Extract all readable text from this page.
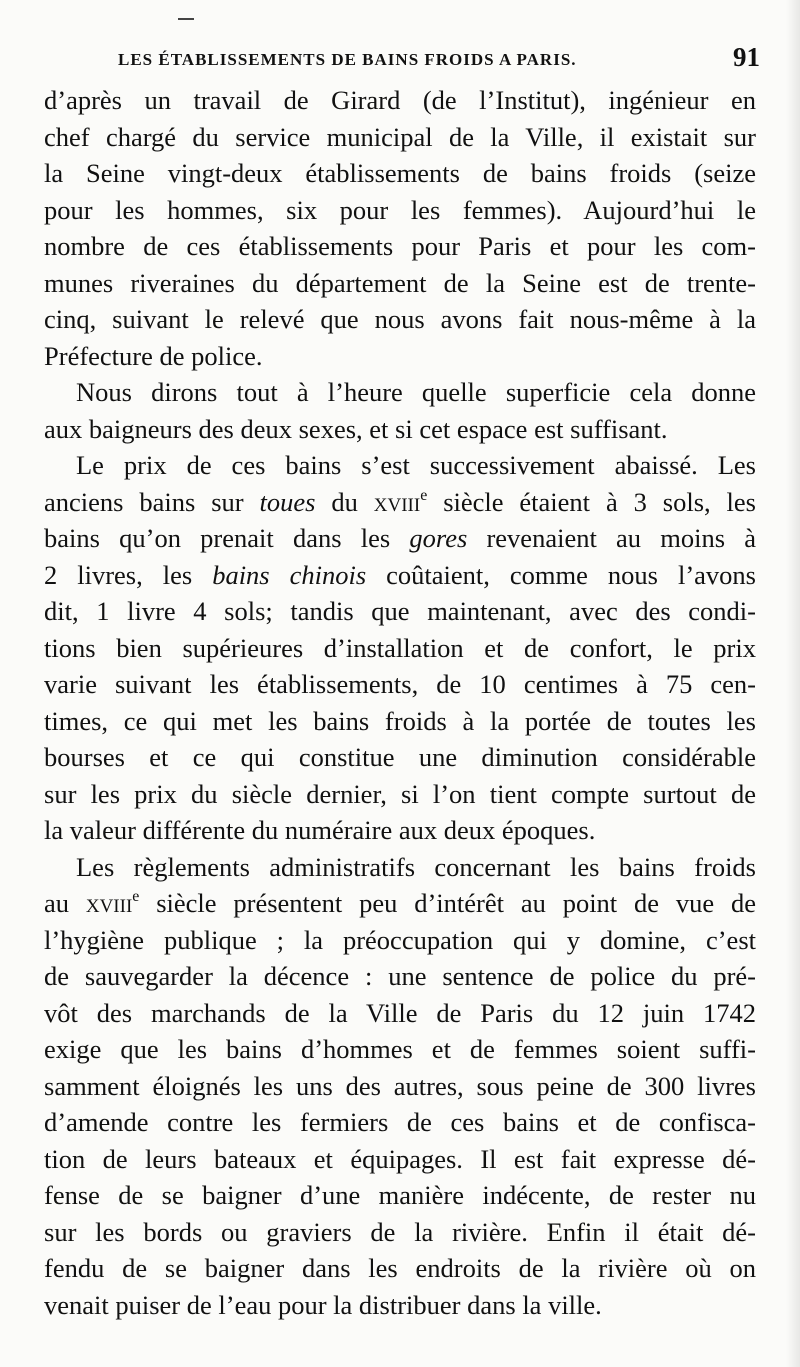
LES ÉTABLISSEMENTS DE BAINS FROIDS A PARIS.	91
d’après un travail de Girard (de l’Institut), ingénieur en
chef chargé du service municipal de la Ville, il existait sur
la Seine vingt-deux établissements de bains froids (seize
pour les hommes, six pour les femmes). Aujourd’hui le
nombre de ces établissements pour Paris et pour les com-
munes riveraines du département de la Seine est de trente-
cinq, suivant le relevé que nous avons fait nous-même à la
Préfecture de police.
Nous dirons tout à l’heure quelle superficie cela donne
aux baigneurs des deux sexes, et si cet espace est suffisant.
Le prix de ces bains s’est successivement abaissé. Les
anciens bains sur toues du xviii$^e$ siècle étaient à 3 sols, les
bains qu’on prenait dans les gores revenaient au moins à
2 livres, les bains chinois coûtaient, comme nous l’avons
dit, 1 livre 4 sols; tandis que maintenant, avec des condi-
tions bien supérieures d’installation et de confort, le prix
varie suivant les établissements, de 10 centimes à 75 cen-
times, ce qui met les bains froids à la portée de toutes les
bourses et ce qui constitue une diminution considérable
sur les prix du siècle dernier, si l’on tient compte surtout de
la valeur différente du numéraire aux deux époques.
Les règlements administratifs concernant les bains froids
au xviii$^e$ siècle présentent peu d’intérêt au point de vue de
l’hygiène publique ; la préoccupation qui y domine, c’est
de sauvegarder la décence : une sentence de police du pré-
vôt des marchands de la Ville de Paris du 12 juin 1742
exige que les bains d’hommes et de femmes soient suffi-
samment éloignés les uns des autres, sous peine de 300 livres
d’amende contre les fermiers de ces bains et de confisca-
tion de leurs bateaux et équipages. Il est fait expresse dé-
fense de se baigner d’une manière indécente, de rester nu
sur les bords ou graviers de la rivière. Enfin il était dé-
fendu de se baigner dans les endroits de la rivière où on
venait puiser de l’eau pour la distribuer dans la ville.
